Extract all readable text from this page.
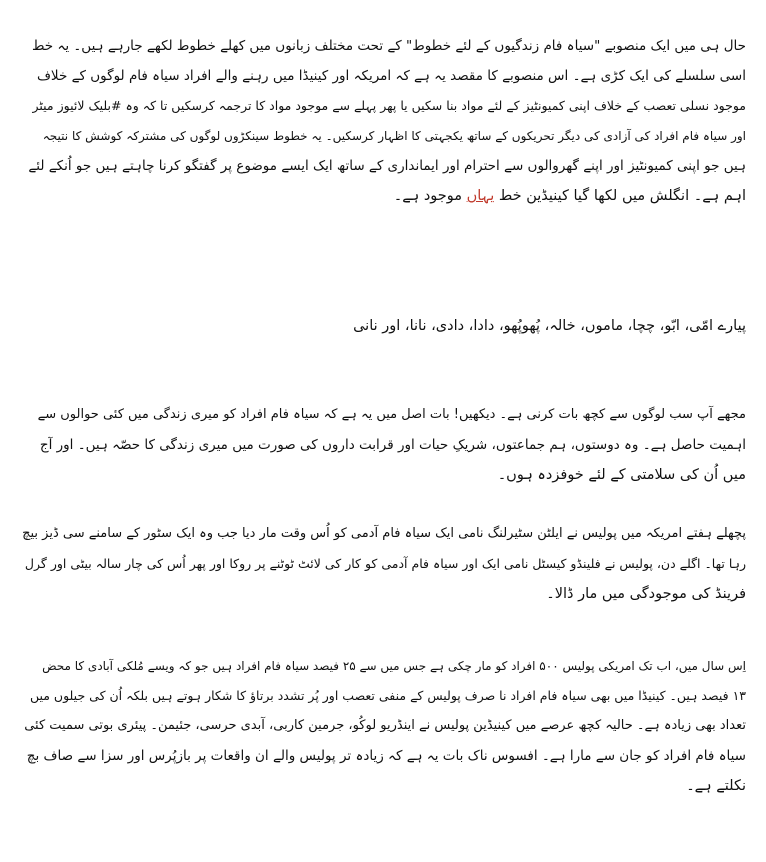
حال ہی میں ایک منصوبے "سیاہ فام زندگیوں کے لئے خطوط" کے تحت مختلف زبانوں میں کھلے خطوط لکھے جارہے ہیں۔ یہ خط
اسی سلسلے کی ایک کڑی ہے۔ اس منصوبے کا مقصد یہ ہے کہ امریکہ اور کینیڈا میں رہنے والے افراد سیاہ فام لوگوں کے خلاف
موجود نسلی تعصب کے خلاف اپنی کمیونٹیز کے لئے مواد بنا سکیں یا پھر پہلے سے موجود مواد کا ترجمہ کرسکیں تا کہ وہ #بلیک لائیوز میٹر
اور سیاہ فام افراد کی آزادی کی دیگر تحریکوں کے ساتھ یکجہتی کا اظہار کرسکیں۔ یہ خطوط سینکڑوں لوگوں کی مشترکہ کوشش کا نتیجہ
ہیں جو اپنی کمیونٹیز اور اپنے گھروالوں سے احترام اور ایمانداری کے ساتھ ایک ایسے موضوع پر گفتگو کرنا چاہتے ہیں جو اُنکے لئے
اہم ہے۔ انگلش میں لکھا گیا کینیڈین خط یہاں موجود ہے۔
پیارے امّی، ابّو، چچا، ماموں، خالہ، پُھوپُھو، دادا، دادی، نانا، اور نانی
مجھے آپ سب لوگوں سے کچھ بات کرنی ہے۔ دیکھیں! بات اصل میں یہ ہے کہ سیاہ فام افراد کو میری زندگی میں کئی حوالوں سے
اہمیت حاصل ہے۔ وہ دوستوں، ہم جماعتوں، شریکِ حیات اور قرابت داروں کی صورت میں میری زندگی کا حصّہ ہیں۔ اور آج
میں اُن کی سلامتی کے لئے خوفزدہ ہوں۔
پچھلے ہفتے امریکہ میں پولیس نے ایلٹن سٹیرلنگ نامی ایک سیاہ فام آدمی کو اُس وقت مار دیا جب وہ ایک سٹور کے سامنے سی ڈیز بیچ
رہا تھا۔ اگلے دن، پولیس نے فلینڈو کیسٹل نامی ایک اور سیاہ فام آدمی کو کار کی لائٹ ٹوٹنے پر روکا اور پھر اُس کی چار سالہ بیٹی اور گرل
فرینڈ کی موجودگی میں مار ڈالا۔
اِس سال میں، اب تک امریکی پولیس ۵۰۰ افراد کو مار چکی ہے جس میں سے ۲۵ فیصد سیاہ فام افراد ہیں جو کہ ویسے مُلکی آبادی کا محض
۱۳ فیصد ہیں۔ کینیڈا میں بھی سیاہ فام افراد نا صرف پولیس کے منفی تعصب اور پُر تشدد برتاؤ کا شکار ہوتے ہیں بلکہ اُن کی جیلوں میں
تعداد بھی زیادہ ہے۔ حالیہ کچھ عرصے میں کینیڈین پولیس نے اینڈریو لوکُو، جرمین کاربی، آبدی حرسی، جئیمن۔ پیئری بوتی سمیت کئی
سیاہ فام افراد کو جان سے مارا ہے۔ افسوس ناک بات یہ ہے کہ زیادہ تر پولیس والے ان واقعات پر بازپُرس اور سزا سے صاف بچ
نکلتے ہے۔
